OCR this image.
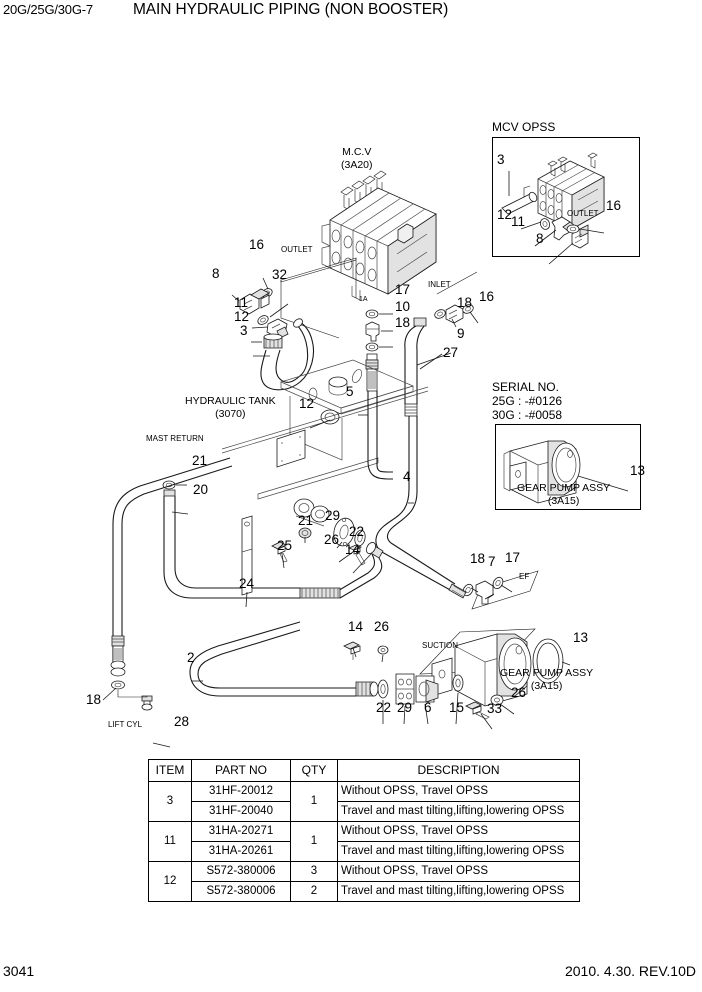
20G/25G/30G-7	MAIN HYDRAULIC PIPING (NON BOOSTER)
M.C.V
(3A20)
OUTLET
INLET
1A
EF
SUCTION
MAST RETURN
LIFT CYL
HYDRAULIC TANK
(3070)
GEAR PUMP ASSY
(3A15)
16
8	32
11
12
3
17
10
18
18
9
16
27
5
12
21
20
24
25
21 29
22
26
14
4
18 7 17
13
2
14 26
22 29 6 15 33
26
18
28
MCV OPSS
3
12
11
8
16
OUTLET
SERIAL NO.
25G : -#0126
30G : -#0058
13
GEAR PUMP ASSY
(3A15)
ITEM	PART NO	QTY	DESCRIPTION
3	31HF-20012	1	Without OPSS, Travel OPSS
	31HF-20040		Travel and mast tilting,lifting,lowering OPSS
11	31HA-20271	1	Without OPSS, Travel OPSS
	31HA-20261		Travel and mast tilting,lifting,lowering OPSS
12	S572-380006	3	Without OPSS, Travel OPSS
	S572-380006	2	Travel and mast tilting,lifting,lowering OPSS
3041	2010. 4.30. REV.10D
